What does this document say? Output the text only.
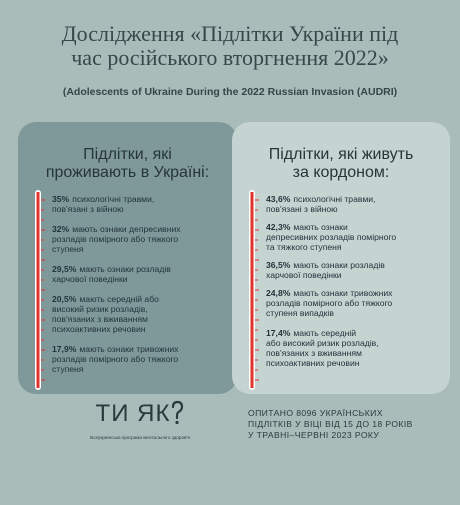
Дослідження «Підлітки України під
час російського вторгнення 2022»
(Adolescents of Ukraine During the 2022 Russian Invasion (AUDRI)
Підлітки, які
проживають в Україні:
35% психологічні травми,
пов'язані з війною
32% мають ознаки депресивних
розладів помірного або тяжкого
ступеня
29,5% мають ознаки розладів
харчової поведінки
20,5% мають середній або
високий ризик розладів,
пов'язаних з вживанням
психоактивних речовин
17,9% мають ознаки тривожних
розладів помірного або тяжкого
ступеня
Підлітки, які живуть
за кордоном:
43,6% психологічні травми,
пов'язані з війною
42,3% мають ознаки
депресивних розладів помірного
та тяжкого ступеня
36,5% мають ознаки розладів
харчової поведінки
24,8% мають ознаки тривожних
розладів помірного або тяжкого
ступеня випадків
17,4% мають середній
або високий ризик розладів,
пов'язаних з вживанням
психоактивних речовин
ТИ ЯК
Всеукраїнська програма ментального здоров'я
ОПИТАНО 8096 УКРАЇНСЬКИХ
ПІДЛІТКІВ У ВІЦІ ВІД 15 ДО 18 РОКІВ
У ТРАВНІ–ЧЕРВНІ 2023 РОКУ
